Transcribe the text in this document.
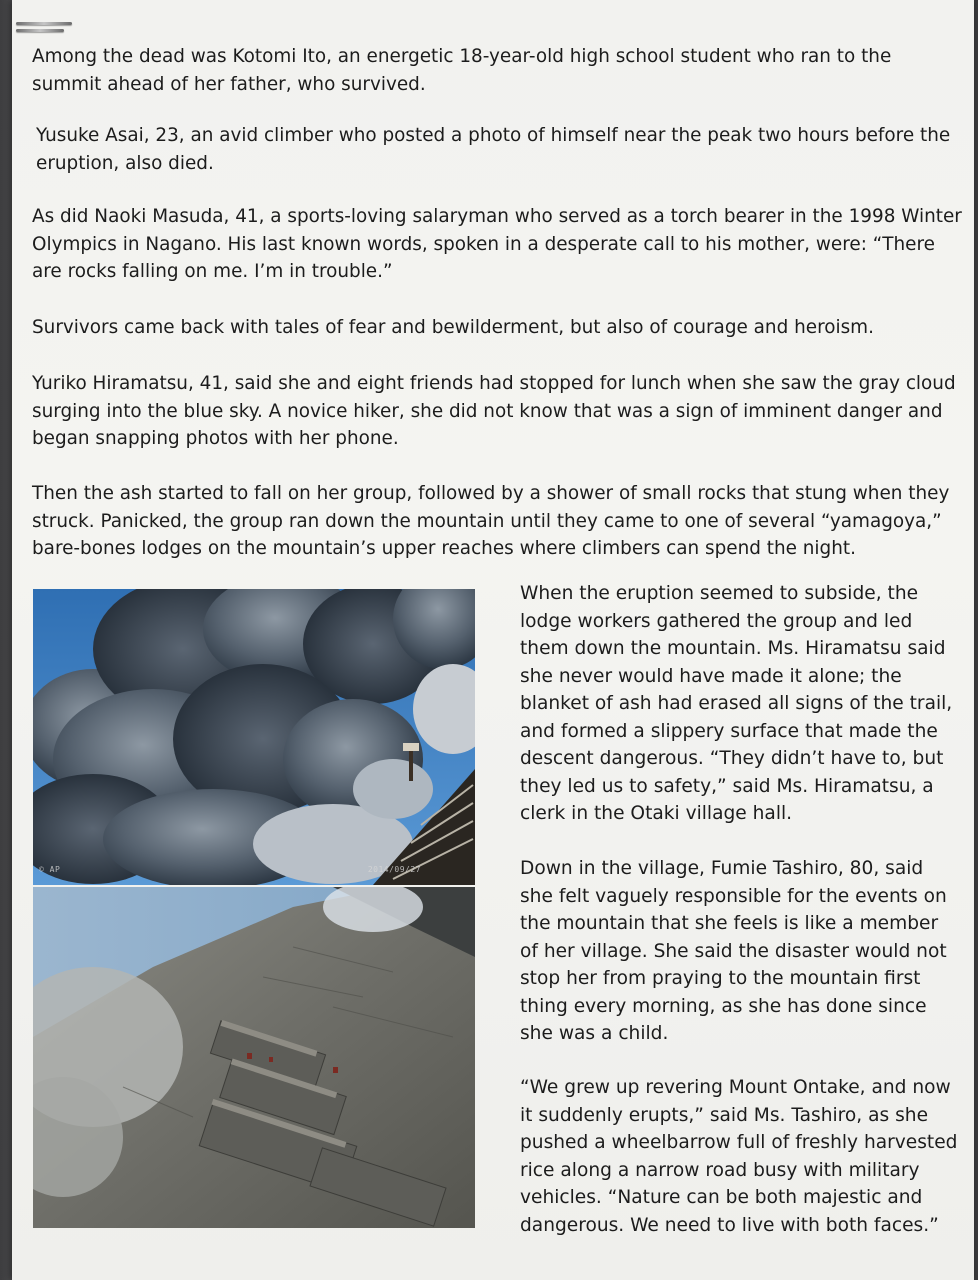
Among the dead was Kotomi Ito, an energetic 18-year-old high school student who ran to the summit ahead of her father, who survived.

Yusuke Asai, 23, an avid climber who posted a photo of himself near the peak two hours before the eruption, also died.

As did Naoki Masuda, 41, a sports-loving salaryman who served as a torch bearer in the 1998 Winter Olympics in Nagano. His last known words, spoken in a desperate call to his mother, were: “There are rocks falling on me. I’m in trouble.”

Survivors came back with tales of fear and bewilderment, but also of courage and heroism.

Yuriko Hiramatsu, 41, said she and eight friends had stopped for lunch when she saw the gray cloud surging into the blue sky. A novice hiker, she did not know that was a sign of imminent danger and began snapping photos with her phone.

Then the ash started to fall on her group, followed by a shower of small rocks that stung when they struck. Panicked, the group ran down the mountain until they came to one of several “yamagoya,” bare-bones lodges on the mountain’s upper reaches where climbers can spend the night.

© AP	2014/09/27

When the eruption seemed to subside, the lodge workers gathered the group and led them down the mountain. Ms. Hiramatsu said she never would have made it alone; the blanket of ash had erased all signs of the trail, and formed a slippery surface that made the descent dangerous. “They didn’t have to, but they led us to safety,” said Ms. Hiramatsu, a clerk in the Otaki village hall.

Down in the village, Fumie Tashiro, 80, said she felt vaguely responsible for the events on the mountain that she feels is like a member of her village. She said the disaster would not stop her from praying to the mountain first thing every morning, as she has done since she was a child.

“We grew up revering Mount Ontake, and now it suddenly erupts,” said Ms. Tashiro, as she pushed a wheelbarrow full of freshly harvested rice along a narrow road busy with military vehicles. “Nature can be both majestic and dangerous. We need to live with both faces.”
